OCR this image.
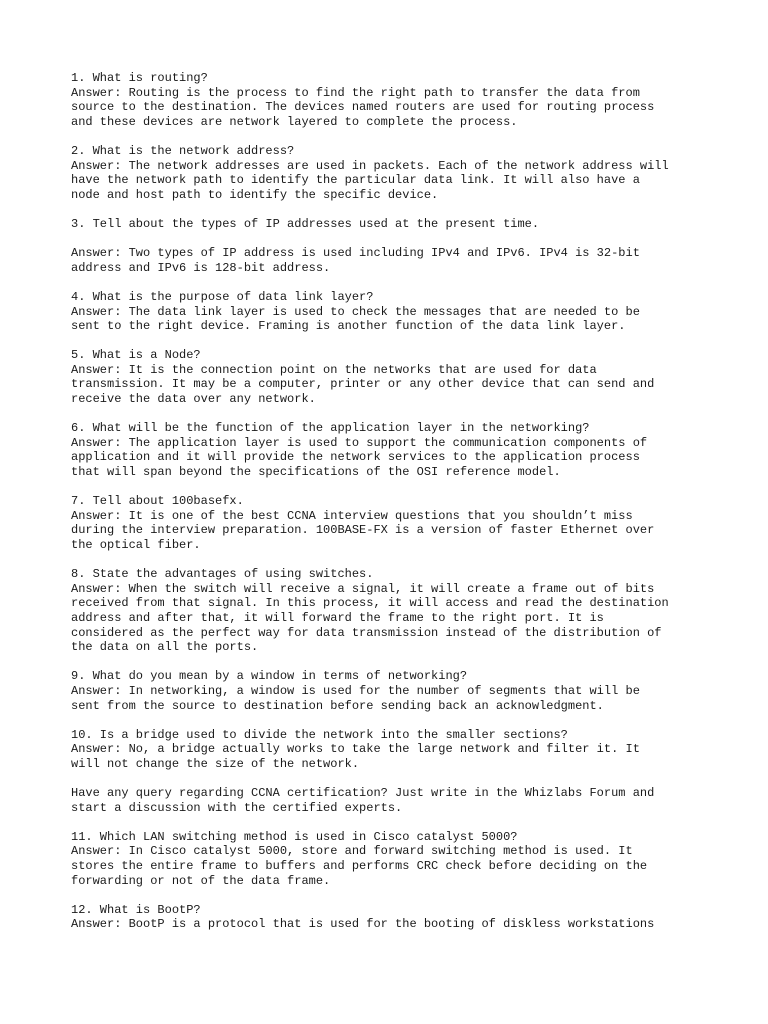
1. What is routing?
Answer: Routing is the process to find the right path to transfer the data from
source to the destination. The devices named routers are used for routing process
and these devices are network layered to complete the process.
2. What is the network address?
Answer: The network addresses are used in packets. Each of the network address will
have the network path to identify the particular data link. It will also have a
node and host path to identify the specific device.
3. Tell about the types of IP addresses used at the present time.
Answer: Two types of IP address is used including IPv4 and IPv6. IPv4 is 32-bit
address and IPv6 is 128-bit address.
4. What is the purpose of data link layer?
Answer: The data link layer is used to check the messages that are needed to be
sent to the right device. Framing is another function of the data link layer.
5. What is a Node?
Answer: It is the connection point on the networks that are used for data
transmission. It may be a computer, printer or any other device that can send and
receive the data over any network.
6. What will be the function of the application layer in the networking?
Answer: The application layer is used to support the communication components of
application and it will provide the network services to the application process
that will span beyond the specifications of the OSI reference model.
7. Tell about 100basefx.
Answer: It is one of the best CCNA interview questions that you shouldn’t miss
during the interview preparation. 100BASE-FX is a version of faster Ethernet over
the optical fiber.
8. State the advantages of using switches.
Answer: When the switch will receive a signal, it will create a frame out of bits
received from that signal. In this process, it will access and read the destination
address and after that, it will forward the frame to the right port. It is
considered as the perfect way for data transmission instead of the distribution of
the data on all the ports.
9. What do you mean by a window in terms of networking?
Answer: In networking, a window is used for the number of segments that will be
sent from the source to destination before sending back an acknowledgment.
10. Is a bridge used to divide the network into the smaller sections?
Answer: No, a bridge actually works to take the large network and filter it. It
will not change the size of the network.
Have any query regarding CCNA certification? Just write in the Whizlabs Forum and
start a discussion with the certified experts.
11. Which LAN switching method is used in Cisco catalyst 5000?
Answer: In Cisco catalyst 5000, store and forward switching method is used. It
stores the entire frame to buffers and performs CRC check before deciding on the
forwarding or not of the data frame.
12. What is BootP?
Answer: BootP is a protocol that is used for the booting of diskless workstations
